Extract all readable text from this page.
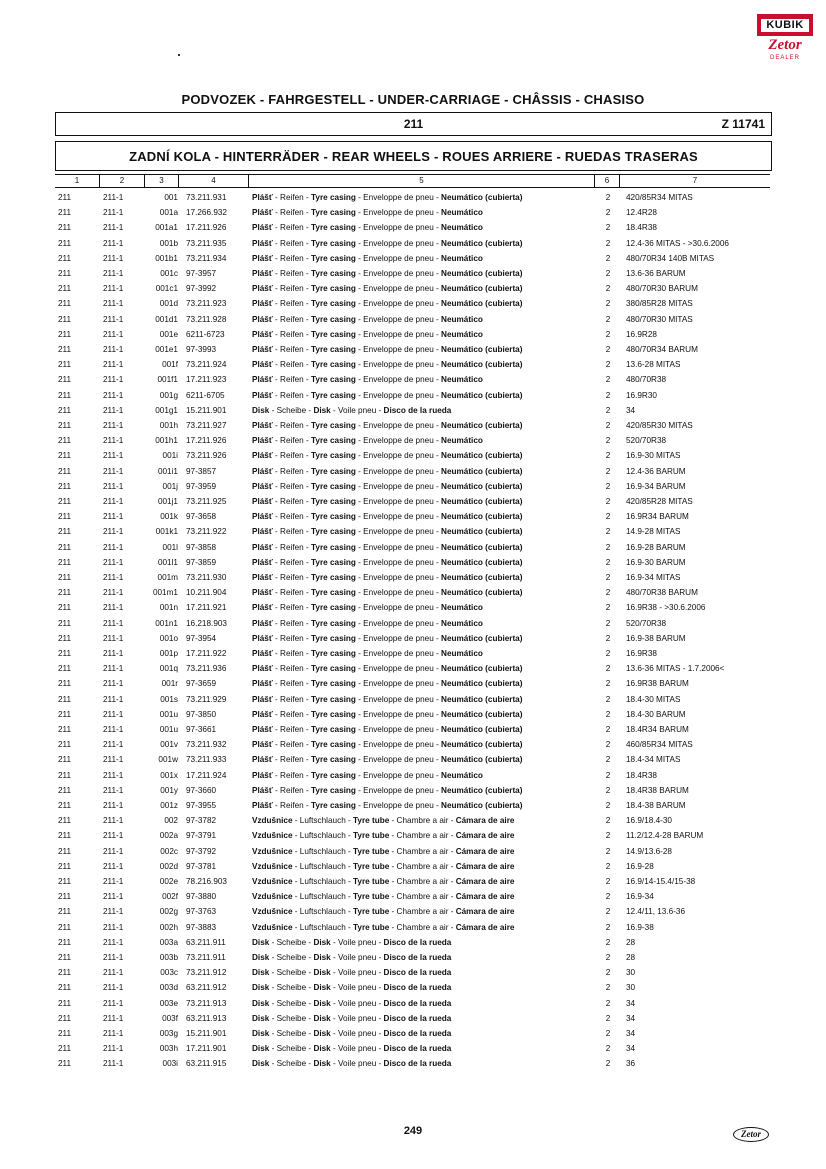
KUBIK
Zetor
DEALER
PODVOZEK - FAHRGESTELL - UNDER-CARRIAGE - CHÂSSIS - CHASISO
211	Z 11741
ZADNÍ KOLA - HINTERRÄDER - REAR WHEELS - ROUES ARRIERE - RUEDAS TRASERAS
1	2	3	4	5	6	7
211	211-1	001 73.211.931	Plášť - Reifen - Tyre casing - Enveloppe de pneu - Neumático (cubierta)	2	420/85R34 MITAS
211	211-1	001a 17.266.932	Plášť - Reifen - Tyre casing - Enveloppe de pneu - Neumático	2	12.4R28
211	211-1	001a1 17.211.926	Plášť - Reifen - Tyre casing - Enveloppe de pneu - Neumático	2	18.4R38
211	211-1	001b 73.211.935	Plášť - Reifen - Tyre casing - Enveloppe de pneu - Neumático (cubierta)	2	12.4-36 MITAS - >30.6.2006
211	211-1	001b1 73.211.934	Plášť - Reifen - Tyre casing - Enveloppe de pneu - Neumático	2	480/70R34 140B MITAS
211	211-1	001c 97-3957	Plášť - Reifen - Tyre casing - Enveloppe de pneu - Neumático (cubierta)	2	13.6-36 BARUM
211	211-1	001c1 97-3992	Plášť - Reifen - Tyre casing - Enveloppe de pneu - Neumático (cubierta)	2	480/70R30 BARUM
211	211-1	001d 73.211.923	Plášť - Reifen - Tyre casing - Enveloppe de pneu - Neumático (cubierta)	2	380/85R28 MITAS
211	211-1	001d1 73.211.928	Plášť - Reifen - Tyre casing - Enveloppe de pneu - Neumático	2	480/70R30 MITAS
211	211-1	001e 6211-6723	Plášť - Reifen - Tyre casing - Enveloppe de pneu - Neumático	2	16.9R28
211	211-1	001e1 97-3993	Plášť - Reifen - Tyre casing - Enveloppe de pneu - Neumático (cubierta)	2	480/70R34 BARUM
211	211-1	001f 73.211.924	Plášť - Reifen - Tyre casing - Enveloppe de pneu - Neumático (cubierta)	2	13.6-28 MITAS
211	211-1	001f1 17.211.923	Plášť - Reifen - Tyre casing - Enveloppe de pneu - Neumático	2	480/70R38
211	211-1	001g 6211-6705	Plášť - Reifen - Tyre casing - Enveloppe de pneu - Neumático (cubierta)	2	16.9R30
211	211-1	001g1 15.211.901	Disk - Scheibe - Disk - Voile pneu - Disco de la rueda	2	34
211	211-1	001h 73.211.927	Plášť - Reifen - Tyre casing - Enveloppe de pneu - Neumático (cubierta)	2	420/85R30 MITAS
211	211-1	001h1 17.211.926	Plášť - Reifen - Tyre casing - Enveloppe de pneu - Neumático	2	520/70R38
211	211-1	001i 73.211.926	Plášť - Reifen - Tyre casing - Enveloppe de pneu - Neumático (cubierta)	2	16.9-30 MITAS
211	211-1	001i1 97-3857	Plášť - Reifen - Tyre casing - Enveloppe de pneu - Neumático (cubierta)	2	12.4-36 BARUM
211	211-1	001j 97-3959	Plášť - Reifen - Tyre casing - Enveloppe de pneu - Neumático (cubierta)	2	16.9-34 BARUM
211	211-1	001j1 73.211.925	Plášť - Reifen - Tyre casing - Enveloppe de pneu - Neumático (cubierta)	2	420/85R28 MITAS
211	211-1	001k 97-3658	Plášť - Reifen - Tyre casing - Enveloppe de pneu - Neumático (cubierta)	2	16.9R34 BARUM
211	211-1	001k1 73.211.922	Plášť - Reifen - Tyre casing - Enveloppe de pneu - Neumático (cubierta)	2	14.9-28 MITAS
211	211-1	001l 97-3858	Plášť - Reifen - Tyre casing - Enveloppe de pneu - Neumático (cubierta)	2	16.9-28 BARUM
211	211-1	001l1 97-3859	Plášť - Reifen - Tyre casing - Enveloppe de pneu - Neumático (cubierta)	2	16.9-30 BARUM
211	211-1	001m 73.211.930	Plášť - Reifen - Tyre casing - Enveloppe de pneu - Neumático (cubierta)	2	16.9-34 MITAS
211	211-1	001m1 10.211.904	Plášť - Reifen - Tyre casing - Enveloppe de pneu - Neumático (cubierta)	2	480/70R38 BARUM
211	211-1	001n 17.211.921	Plášť - Reifen - Tyre casing - Enveloppe de pneu - Neumático	2	16.9R38 - >30.6.2006
211	211-1	001n1 16.218.903	Plášť - Reifen - Tyre casing - Enveloppe de pneu - Neumático	2	520/70R38
211	211-1	001o 97-3954	Plášť - Reifen - Tyre casing - Enveloppe de pneu - Neumático (cubierta)	2	16.9-38 BARUM
211	211-1	001p 17.211.922	Plášť - Reifen - Tyre casing - Enveloppe de pneu - Neumático	2	16.9R38
211	211-1	001q 73.211.936	Plášť - Reifen - Tyre casing - Enveloppe de pneu - Neumático (cubierta)	2	13.6-36 MITAS - 1.7.2006<
211	211-1	001r 97-3659	Plášť - Reifen - Tyre casing - Enveloppe de pneu - Neumático (cubierta)	2	16.9R38 BARUM
211	211-1	001s 73.211.929	Plášť - Reifen - Tyre casing - Enveloppe de pneu - Neumático (cubierta)	2	18.4-30 MITAS
211	211-1	001u 97-3850	Plášť - Reifen - Tyre casing - Enveloppe de pneu - Neumático (cubierta)	2	18.4-30 BARUM
211	211-1	001u 97-3661	Plášť - Reifen - Tyre casing - Enveloppe de pneu - Neumático (cubierta)	2	18.4R34 BARUM
211	211-1	001v 73.211.932	Plášť - Reifen - Tyre casing - Enveloppe de pneu - Neumático (cubierta)	2	460/85R34 MITAS
211	211-1	001w 73.211.933	Plášť - Reifen - Tyre casing - Enveloppe de pneu - Neumático (cubierta)	2	18.4-34 MITAS
211	211-1	001x 17.211.924	Plášť - Reifen - Tyre casing - Enveloppe de pneu - Neumático	2	18.4R38
211	211-1	001y 97-3660	Plášť - Reifen - Tyre casing - Enveloppe de pneu - Neumático (cubierta)	2	18.4R38 BARUM
211	211-1	001z 97-3955	Plášť - Reifen - Tyre casing - Enveloppe de pneu - Neumático (cubierta)	2	18.4-38 BARUM
211	211-1	002 97-3782	Vzdušnice - Luftschlauch - Tyre tube - Chambre a air - Cámara de aire	2	16.9/18.4-30
211	211-1	002a 97-3791	Vzdušnice - Luftschlauch - Tyre tube - Chambre a air - Cámara de aire	2	11.2/12.4-28 BARUM
211	211-1	002c 97-3792	Vzdušnice - Luftschlauch - Tyre tube - Chambre a air - Cámara de aire	2	14.9/13.6-28
211	211-1	002d 97-3781	Vzdušnice - Luftschlauch - Tyre tube - Chambre a air - Cámara de aire	2	16.9-28
211	211-1	002e 78.216.903	Vzdušnice - Luftschlauch - Tyre tube - Chambre a air - Cámara de aire	2	16.9/14-15.4/15-38
211	211-1	002f 97-3880	Vzdušnice - Luftschlauch - Tyre tube - Chambre a air - Cámara de aire	2	16.9-34
211	211-1	002g 97-3763	Vzdušnice - Luftschlauch - Tyre tube - Chambre a air - Cámara de aire	2	12.4/11, 13.6-36
211	211-1	002h 97-3883	Vzdušnice - Luftschlauch - Tyre tube - Chambre a air - Cámara de aire	2	16.9-38
211	211-1	003a 63.211.911	Disk - Scheibe - Disk - Voile pneu - Disco de la rueda	2	28
211	211-1	003b 73.211.911	Disk - Scheibe - Disk - Voile pneu - Disco de la rueda	2	28
211	211-1	003c 73.211.912	Disk - Scheibe - Disk - Voile pneu - Disco de la rueda	2	30
211	211-1	003d 63.211.912	Disk - Scheibe - Disk - Voile pneu - Disco de la rueda	2	30
211	211-1	003e 73.211.913	Disk - Scheibe - Disk - Voile pneu - Disco de la rueda	2	34
211	211-1	003f 63.211.913	Disk - Scheibe - Disk - Voile pneu - Disco de la rueda	2	34
211	211-1	003g 15.211.901	Disk - Scheibe - Disk - Voile pneu - Disco de la rueda	2	34
211	211-1	003h 17.211.901	Disk - Scheibe - Disk - Voile pneu - Disco de la rueda	2	34
211	211-1	003i 63.211.915	Disk - Scheibe - Disk - Voile pneu - Disco de la rueda	2	36
249	Zetor
